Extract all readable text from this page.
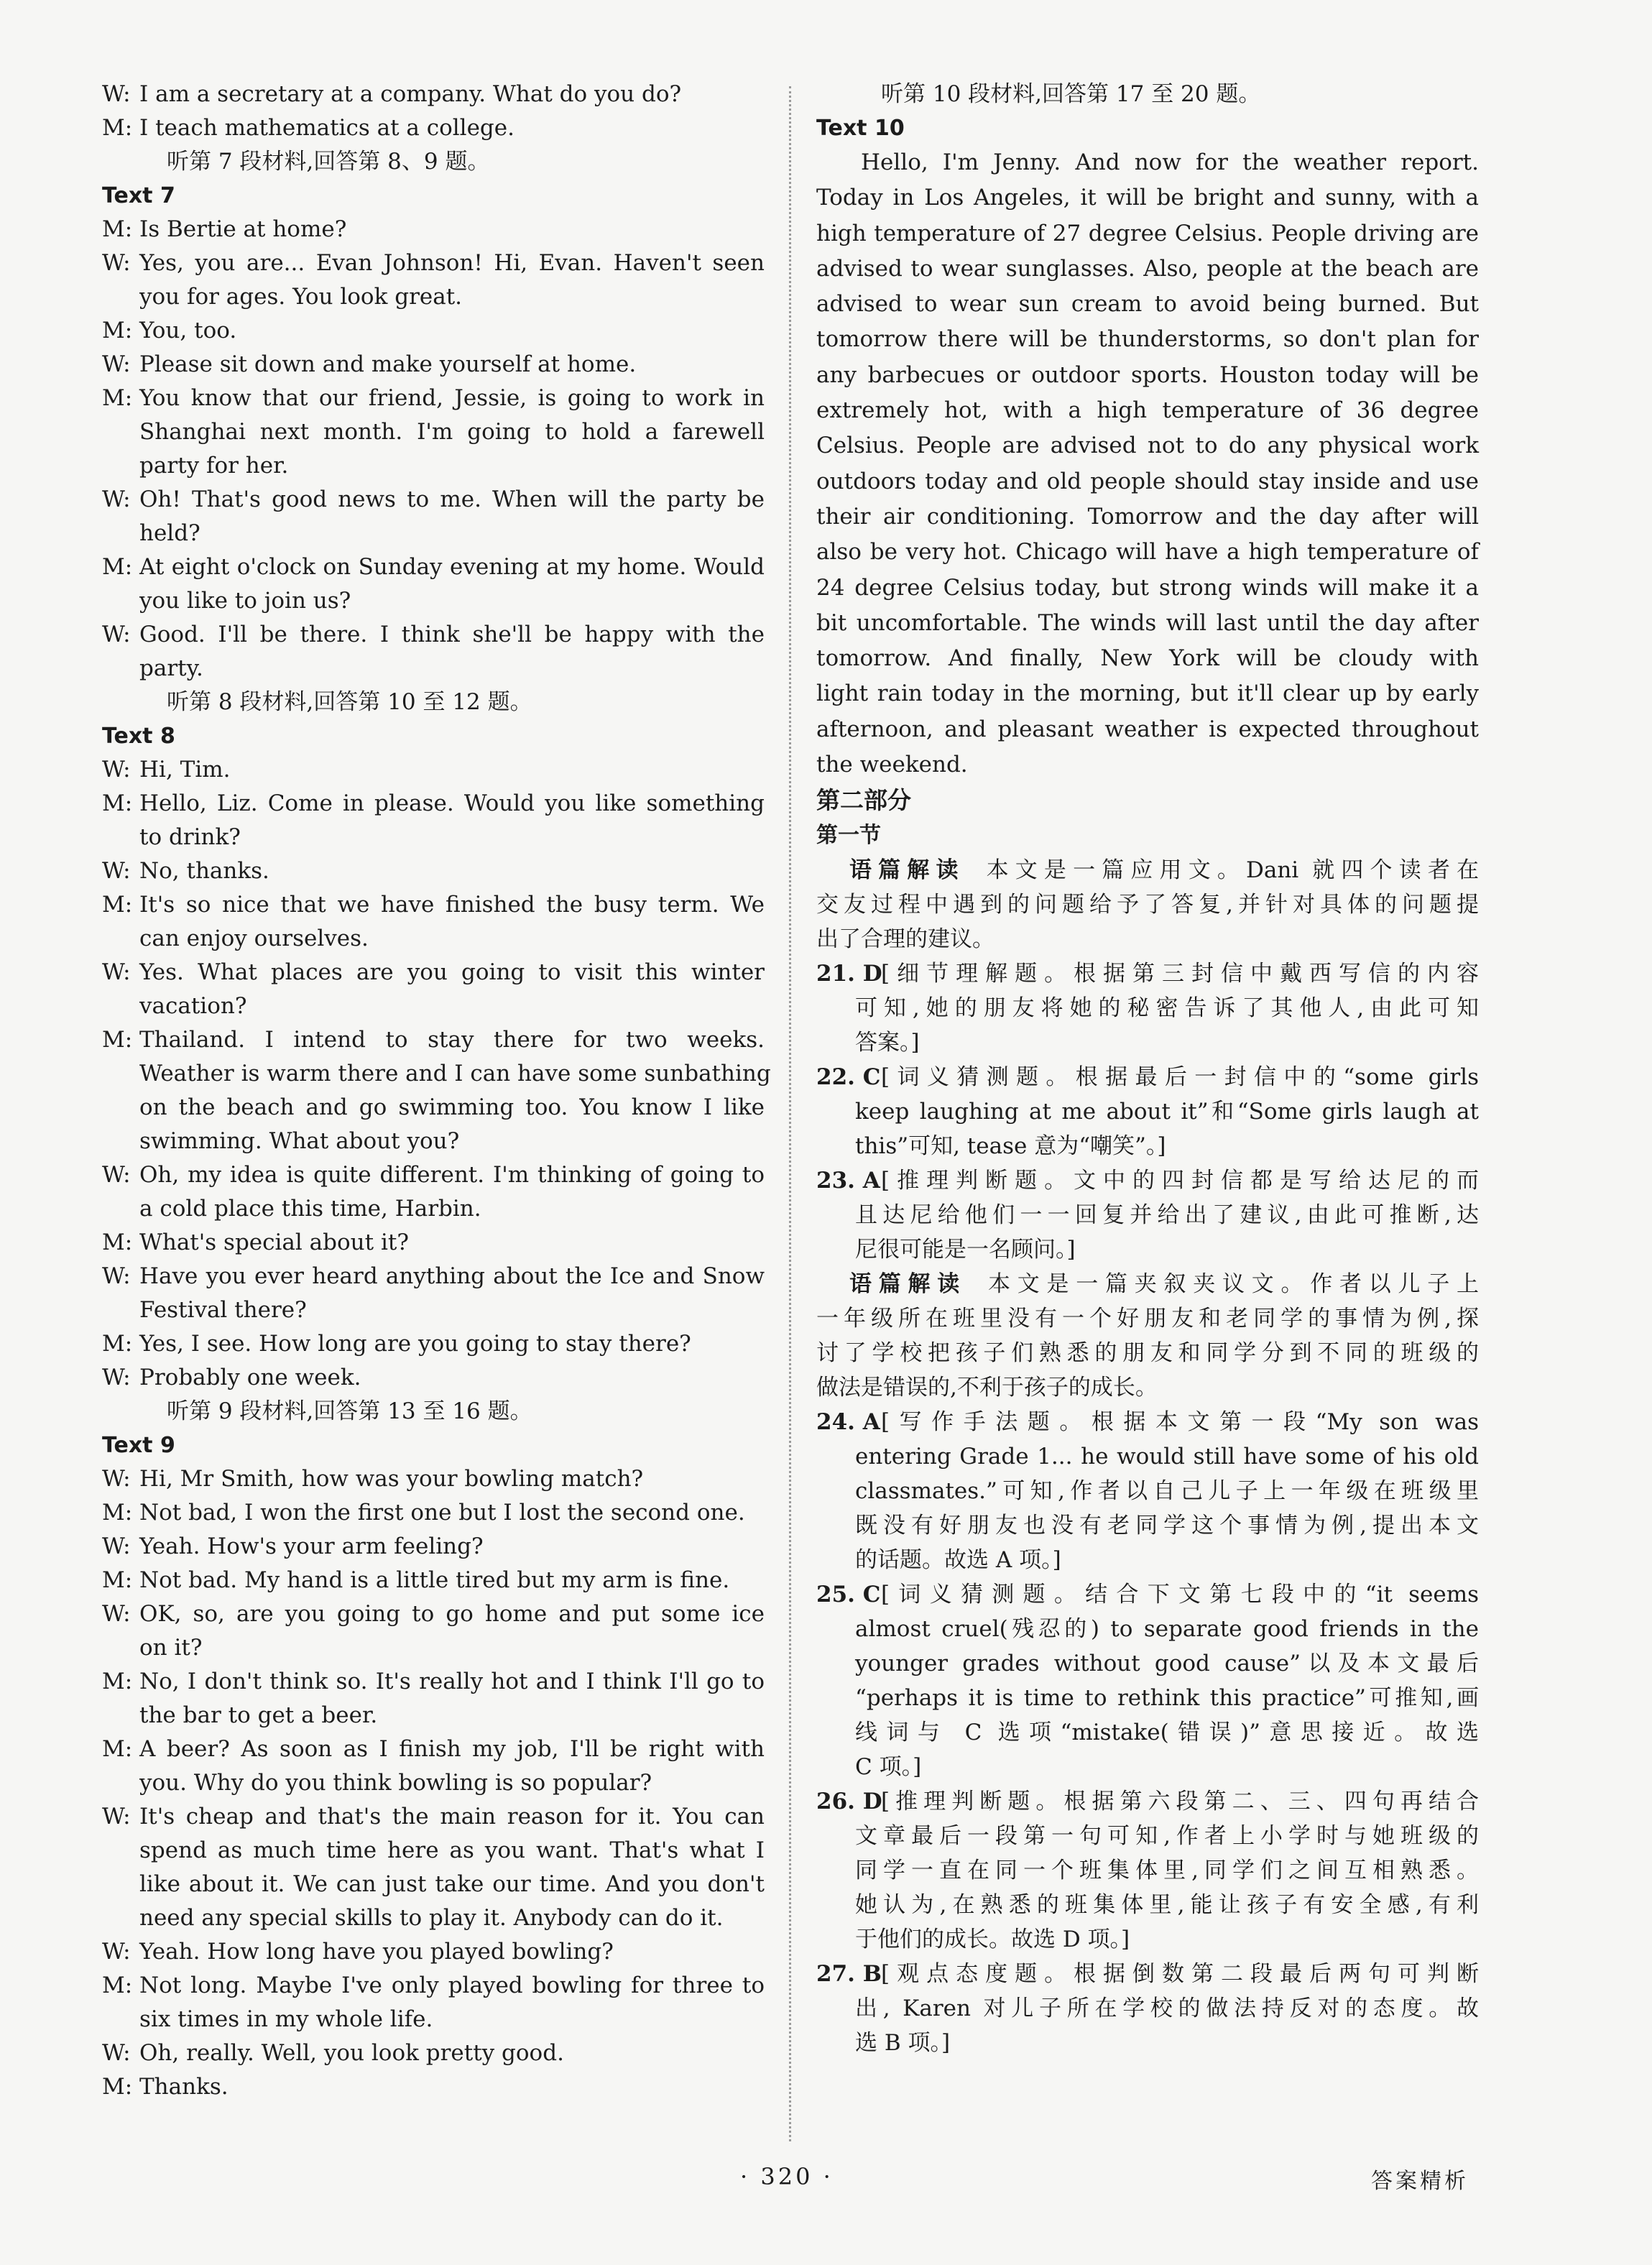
W: I am a secretary at a company. What do you do?
M: I teach mathematics at a college.
听第 7 段材料,回答第 8、9 题。
Text 7
M: Is Bertie at home?
W: Yes, you are... Evan Johnson! Hi, Evan. Haven't seen
you for ages. You look great.
M: You, too.
W: Please sit down and make yourself at home.
M: You know that our friend, Jessie, is going to work in
Shanghai next month. I'm going to hold a farewell
party for her.
W: Oh! That's good news to me. When will the party be
held?
M: At eight o'clock on Sunday evening at my home. Would
you like to join us?
W: Good. I'll be there. I think she'll be happy with the
party.
听第 8 段材料,回答第 10 至 12 题。
Text 8
W: Hi, Tim.
M: Hello, Liz. Come in please. Would you like something
to drink?
W: No, thanks.
M: It's so nice that we have finished the busy term. We
can enjoy ourselves.
W: Yes. What places are you going to visit this winter
vacation?
M: Thailand. I intend to stay there for two weeks.
Weather is warm there and I can have some sunbathing
on the beach and go swimming too. You know I like
swimming. What about you?
W: Oh, my idea is quite different. I'm thinking of going to
a cold place this time, Harbin.
M: What's special about it?
W: Have you ever heard anything about the Ice and Snow
Festival there?
M: Yes, I see. How long are you going to stay there?
W: Probably one week.
听第 9 段材料,回答第 13 至 16 题。
Text 9
W: Hi, Mr Smith, how was your bowling match?
M: Not bad, I won the first one but I lost the second one.
W: Yeah. How's your arm feeling?
M: Not bad. My hand is a little tired but my arm is fine.
W: OK, so, are you going to go home and put some ice
on it?
M: No, I don't think so. It's really hot and I think I'll go to
the bar to get a beer.
M: A beer? As soon as I finish my job, I'll be right with
you. Why do you think bowling is so popular?
W: It's cheap and that's the main reason for it. You can
spend as much time here as you want. That's what I
like about it. We can just take our time. And you don't
need any special skills to play it. Anybody can do it.
W: Yeah. How long have you played bowling?
M: Not long. Maybe I've only played bowling for three to
six times in my whole life.
W: Oh, really. Well, you look pretty good.
M: Thanks.
听第 10 段材料,回答第 17 至 20 题。
Text 10
Hello, I'm Jenny. And now for the weather report.
Today in Los Angeles, it will be bright and sunny, with a
high temperature of 27 degree Celsius. People driving are
advised to wear sunglasses. Also, people at the beach are
advised to wear sun cream to avoid being burned. But
tomorrow there will be thunderstorms, so don't plan for
any barbecues or outdoor sports. Houston today will be
extremely hot, with a high temperature of 36 degree
Celsius. People are advised not to do any physical work
outdoors today and old people should stay inside and use
their air conditioning. Tomorrow and the day after will
also be very hot. Chicago will have a high temperature of
24 degree Celsius today, but strong winds will make it a
bit uncomfortable. The winds will last until the day after
tomorrow. And finally, New York will be cloudy with
light rain today in the morning, but it'll clear up by early
afternoon, and pleasant weather is expected throughout
the weekend.
第二部分
第一节
语篇解读 本文是一篇应用文。Dani 就四个读者在
交友过程中遇到的问题给予了答复,并针对具体的问题提
出了合理的建议。
21. D
[细节理解题。根据第三封信中戴西写信的内容
可知,她的朋友将她的秘密告诉了其他人,由此可知
答案。]
22. C [词义猜测题。根据最后一封信中的“some girls
keep laughing at me about it”和“Some girls laugh at
this”可知, tease 意为“嘲笑”。]
23. A [推理判断题。文中的四封信都是写给达尼的而
且达尼给他们一一回复并给出了建议,由此可推断,达
尼很可能是一名顾问。]
语篇解读 本文是一篇夹叙夹议文。作者以儿子上
一年级所在班里没有一个好朋友和老同学的事情为例,探
讨了学校把孩子们熟悉的朋友和同学分到不同的班级的
做法是错误的,不利于孩子的成长。
24. A [写作手法题。根据本文第一段“My son was
entering Grade 1... he would still have some of his old
classmates.”可知,作者以自己儿子上一年级在班级里
既没有好朋友也没有老同学这个事情为例,提出本文
的话题。故选 A 项。]
25. C [词义猜测题。结合下文第七段中的“it seems
almost cruel(残忍的) to separate good friends in the
younger grades without good cause”以及本文最后
“perhaps it is time to rethink this practice”可推知,画
线词与 C 选项“mistake(错误)”意思接近。故选
C 项。]
26. D
[推理判断题。根据第六段第二、三、四句再结合
文章最后一段第一句可知,作者上小学时与她班级的
同学一直在同一个班集体里,同学们之间互相熟悉。
她认为,在熟悉的班集体里,能让孩子有安全感,有利
于他们的成长。故选 D 项。]
27. B [观点态度题。根据倒数第二段最后两句可判断
出, Karen 对儿子所在学校的做法持反对的态度。故
选 B 项。]
· 320 ·	答案精析
